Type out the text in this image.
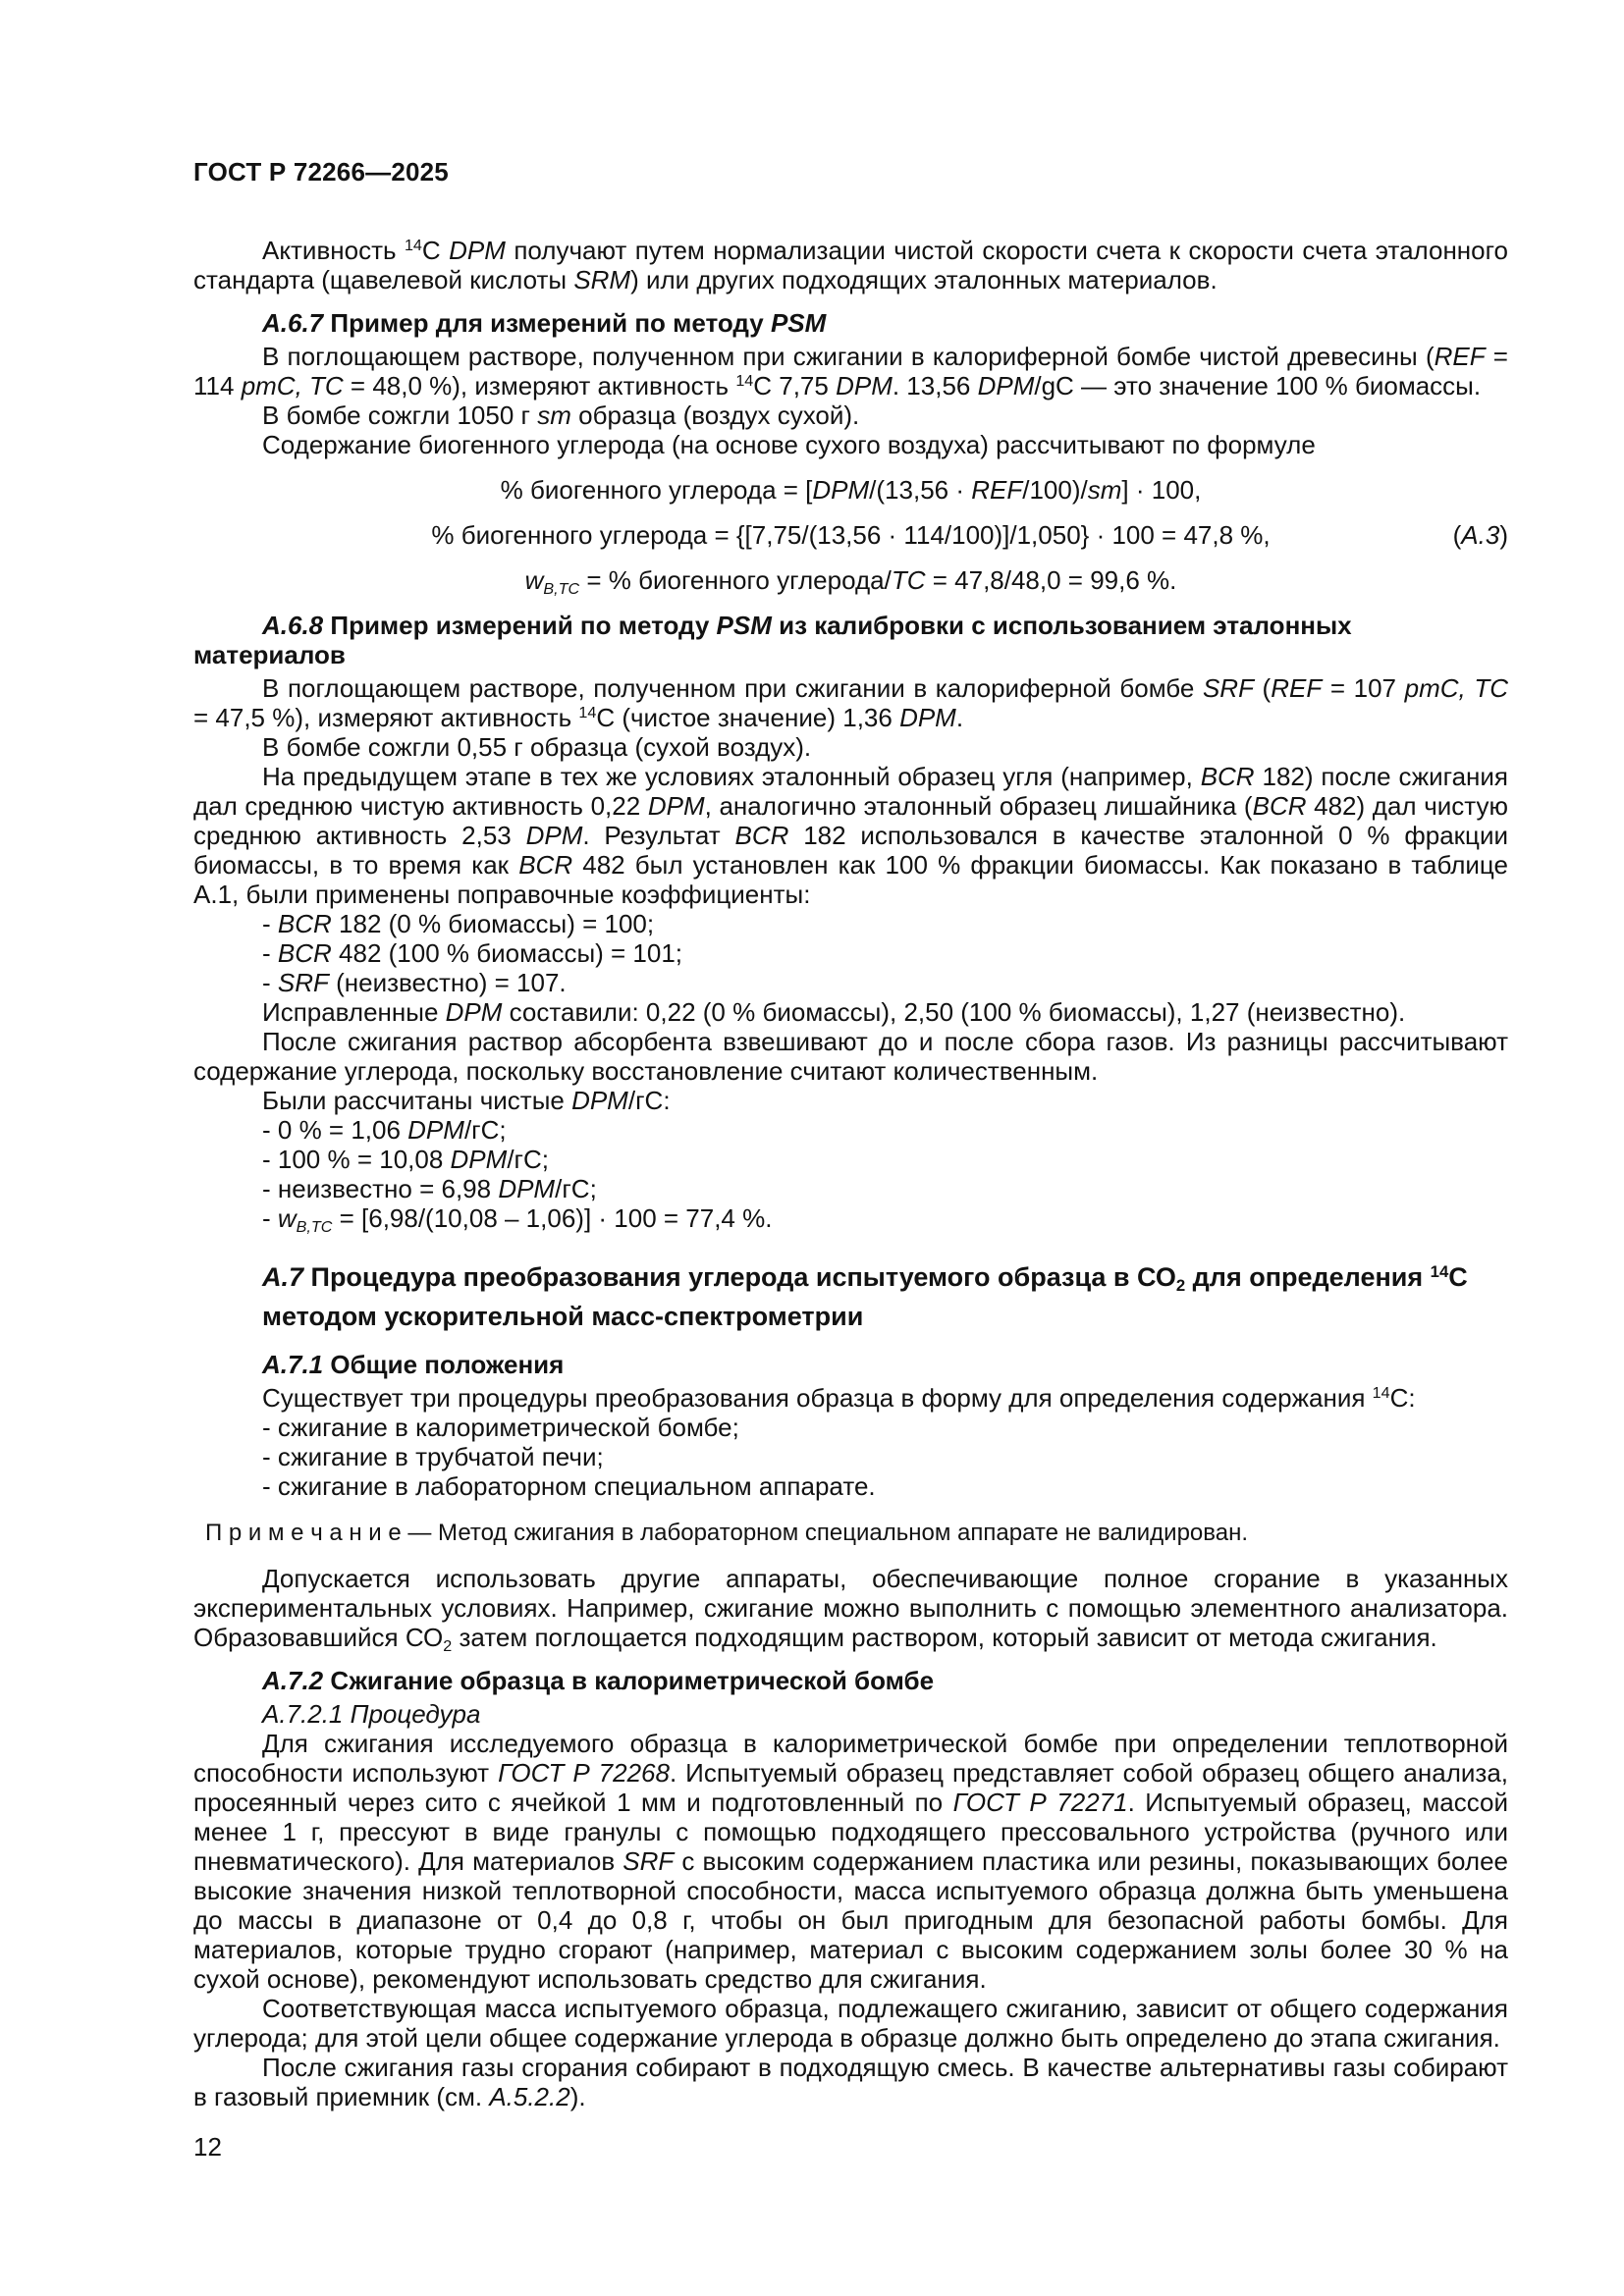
ГОСТ Р 72266—2025
Активность $^{14}$С DPM получают путем нормализации чистой скорости счета к скорости счета эталонного стандарта (щавелевой кислоты SRM) или других подходящих эталонных материалов.
А.6.7 Пример для измерений по методу PSM
В поглощающем растворе, полученном при сжигании в калориферной бомбе чистой древесины (REF = 114 pmC, TC = 48,0 %), измеряют активность $^{14}$С 7,75 DPM. 13,56 DPM/gC — это значение 100 % биомассы.
В бомбе сожгли 1050 г sm образца (воздух сухой).
Содержание биогенного углерода (на основе сухого воздуха) рассчитывают по формуле
% биогенного углерода = [DPM/(13,56 · REF/100)/sm] · 100,
% биогенного углерода = {[7,75/(13,56 · 114/100)]/1,050} · 100 = 47,8 %,	(А.3)
$w_{B,TC}$ = % биогенного углерода/TC = 47,8/48,0 = 99,6 %.
А.6.8 Пример измерений по методу PSM из калибровки с использованием эталонных материалов
В поглощающем растворе, полученном при сжигании в калориферной бомбе SRF (REF = 107 pmC, TC = 47,5 %), измеряют активность $^{14}$С (чистое значение) 1,36 DPM.
В бомбе сожгли 0,55 г образца (сухой воздух).
На предыдущем этапе в тех же условиях эталонный образец угля (например, BCR 182) после сжигания дал среднюю чистую активность 0,22 DPM, аналогично эталонный образец лишайника (BCR 482) дал чистую среднюю активность 2,53 DPM. Результат BCR 182 использовался в качестве эталонной 0 % фракции биомассы, в то время как BCR 482 был установлен как 100 % фракции биомассы. Как показано в таблице А.1, были применены поправочные коэффициенты:
- BCR 182 (0 % биомассы) = 100;
- BCR 482 (100 % биомассы) = 101;
- SRF (неизвестно) = 107.
Исправленные DPM составили: 0,22 (0 % биомассы), 2,50 (100 % биомассы), 1,27 (неизвестно).
После сжигания раствор абсорбента взвешивают до и после сбора газов. Из разницы рассчитывают содержание углерода, поскольку восстановление считают количественным.
Были рассчитаны чистые DPM/гС:
- 0 % = 1,06 DPM/гС;
- 100 % = 10,08 DPM/гС;
- неизвестно = 6,98 DPM/гС;
- $w_{B,TC} = [6,98/(10,08 - 1,06)] \cdot 100 = 77,4$ %.
А.7 Процедура преобразования углерода испытуемого образца в $СО_2$ для определения $^{14}$С методом ускорительной масс-спектрометрии
А.7.1 Общие положения
Существует три процедуры преобразования образца в форму для определения содержания $^{14}$С:
- сжигание в калориметрической бомбе;
- сжигание в трубчатой печи;
- сжигание в лабораторном специальном аппарате.
П р и м е ч а н и е — Метод сжигания в лабораторном специальном аппарате не валидирован.
Допускается использовать другие аппараты, обеспечивающие полное сгорание в указанных экспериментальных условиях. Например, сжигание можно выполнить с помощью элементного анализатора. Образовавшийся $СО_2$ затем поглощается подходящим раствором, который зависит от метода сжигания.
А.7.2 Сжигание образца в калориметрической бомбе
А.7.2.1 Процедура
Для сжигания исследуемого образца в калориметрической бомбе при определении теплотворной способности используют ГОСТ Р 72268. Испытуемый образец представляет собой образец общего анализа, просеянный через сито с ячейкой 1 мм и подготовленный по ГОСТ Р 72271. Испытуемый образец, массой менее 1 г, прессуют в виде гранулы с помощью подходящего прессовального устройства (ручного или пневматического). Для материалов SRF с высоким содержанием пластика или резины, показывающих более высокие значения низкой теплотворной способности, масса испытуемого образца должна быть уменьшена до массы в диапазоне от 0,4 до 0,8 г, чтобы он был пригодным для безопасной работы бомбы. Для материалов, которые трудно сгорают (например, материал с высоким содержанием золы более 30 % на сухой основе), рекомендуют использовать средство для сжигания.
Соответствующая масса испытуемого образца, подлежащего сжиганию, зависит от общего содержания углерода; для этой цели общее содержание углерода в образце должно быть определено до этапа сжигания.
После сжигания газы сгорания собирают в подходящую смесь. В качестве альтернативы газы собирают в газовый приемник (см. А.5.2.2).
12
